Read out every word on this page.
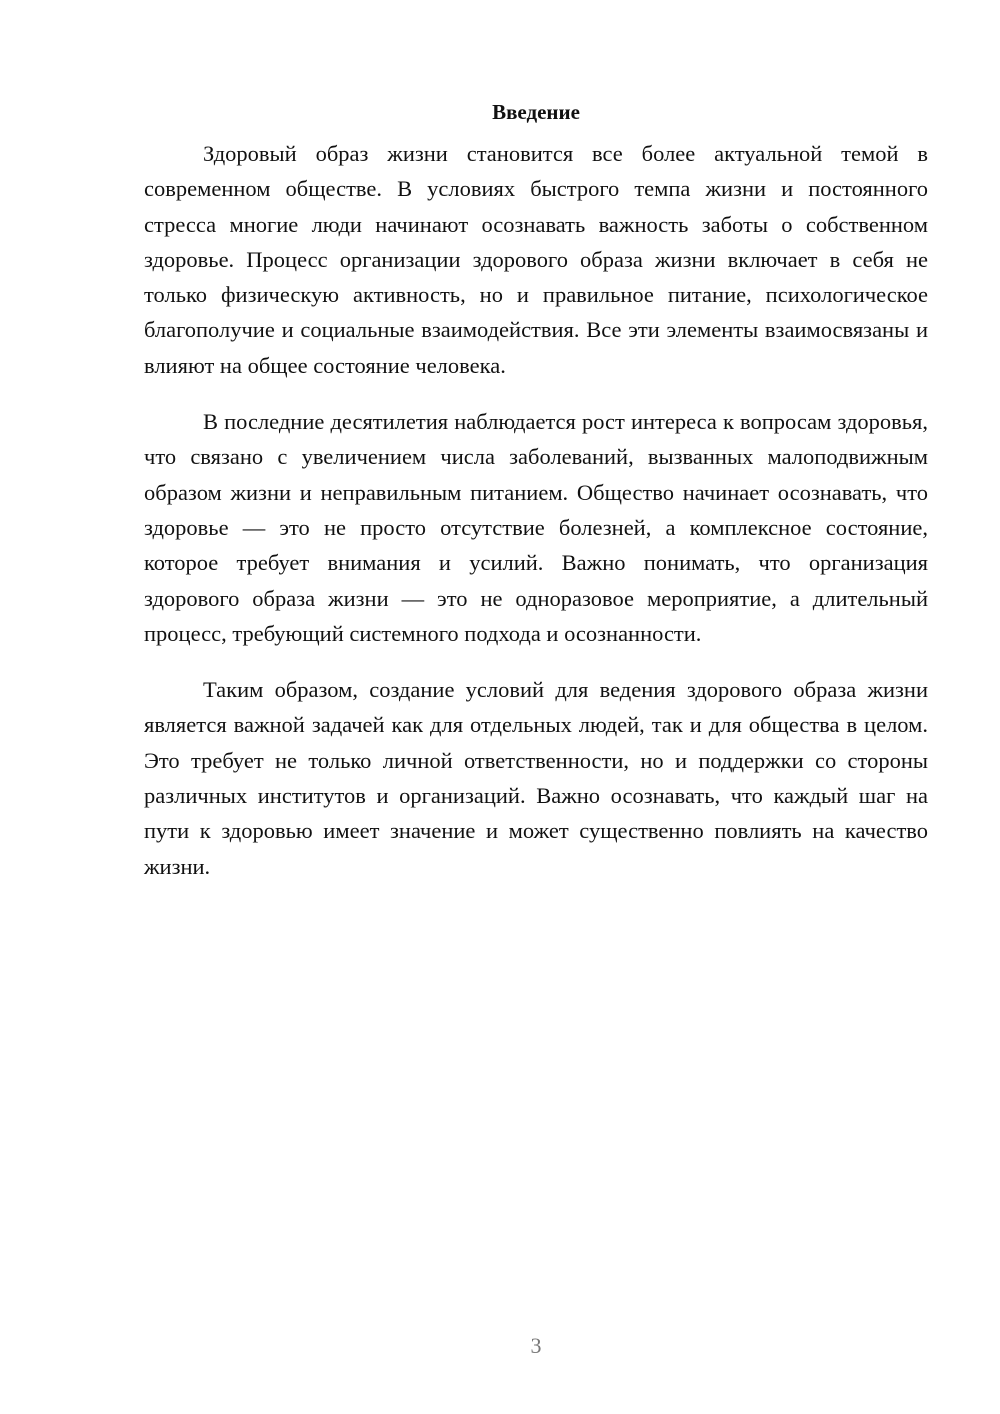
Введение

Здоровый образ жизни становится все более актуальной темой в современном обществе. В условиях быстрого темпа жизни и постоянного стресса многие люди начинают осознавать важность заботы о собственном здоровье. Процесс организации здорового образа жизни включает в себя не только физическую активность, но и правильное питание, психологическое благополучие и социальные взаимодействия. Все эти элементы взаимосвязаны и влияют на общее состояние человека.

В последние десятилетия наблюдается рост интереса к вопросам здоровья, что связано с увеличением числа заболеваний, вызванных малоподвижным образом жизни и неправильным питанием. Общество начинает осознавать, что здоровье — это не просто отсутствие болезней, а комплексное состояние, которое требует внимания и усилий. Важно понимать, что организация здорового образа жизни — это не одноразовое мероприятие, а длительный процесс, требующий системного подхода и осознанности.

Таким образом, создание условий для ведения здорового образа жизни является важной задачей как для отдельных людей, так и для общества в целом. Это требует не только личной ответственности, но и поддержки со стороны различных институтов и организаций. Важно осознавать, что каждый шаг на пути к здоровью имеет значение и может существенно повлиять на качество жизни.

3
